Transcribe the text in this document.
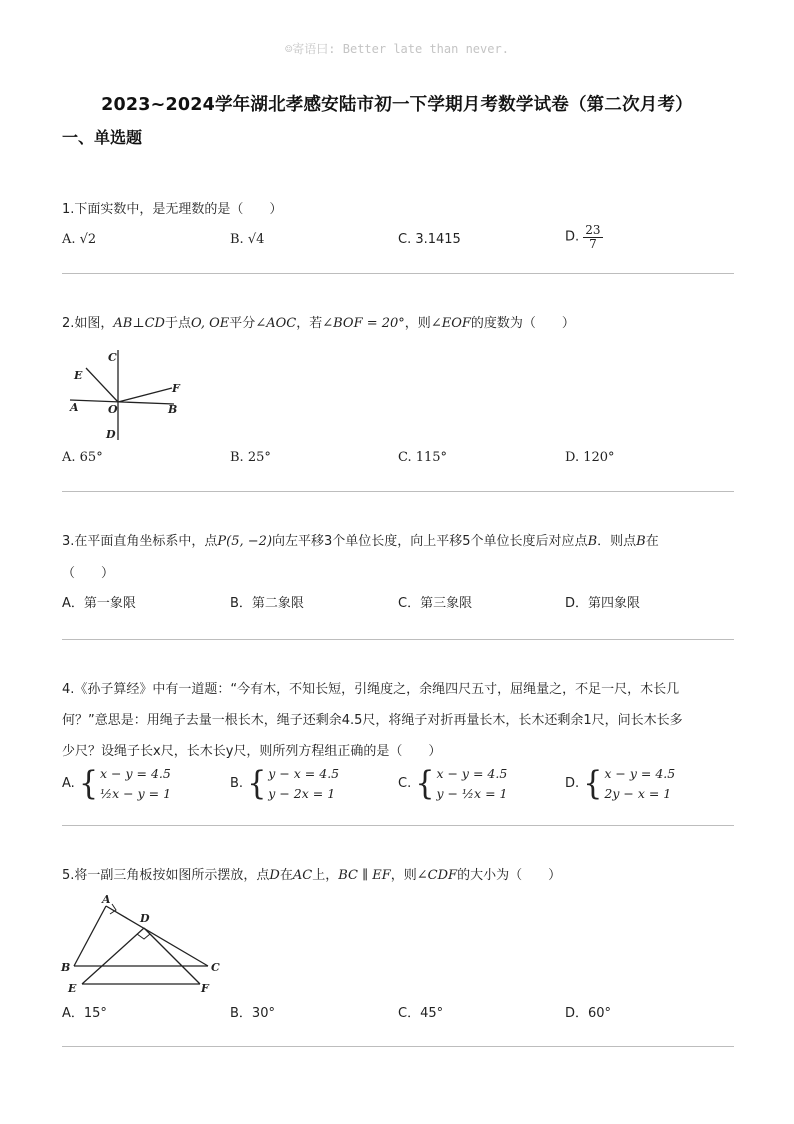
☺寄语曰: Better late than never.
2023~2024学年湖北孝感安陆市初一下学期月考数学试卷（第二次月考）
一、单选题

1.下面实数中，是无理数的是（　　）

A. √2	B. √4	C. 3.1415	D. $\frac{23}{7}$

2.如图，AB⊥CD于点O, OE平分∠AOC，若∠BOF = 20°，则∠EOF的度数为（　　）

C
E
F
A	O	B
D
A. 65°	B. 25°	C. 115°	D. 120°

3.在平面直角坐标系中，点P(5, −2)向左平移3个单位长度，向上平移5个单位长度后对应点B．则点B在

（　　）

A．第一象限	B．第二象限	C．第三象限	D．第四象限

4.《孙子算经》中有一道题：“今有木，不知长短，引绳度之，余绳四尺五寸，屈绳量之，不足一尺，木长几

何？”意思是：用绳子去量一根长木，绳子还剩余4.5尺，将绳子对折再量长木，长木还剩余1尺，问长木长多

少尺？设绳子长x尺，长木长y尺，则所列方程组正确的是（　　）

A. { x − y = 4.5
½x − y = 1
B. { y − x = 4.5
y − 2x = 1
C. { x − y = 4.5
y − ½x = 1
D. { x − y = 4.5
2y − x = 1

5.将一副三角板按如图所示摆放，点D在AC上，BC ∥ EF，则∠CDF的大小为（　　）

A
D
B	C
E	F
A．15°	B．30°	C．45°	D．60°
